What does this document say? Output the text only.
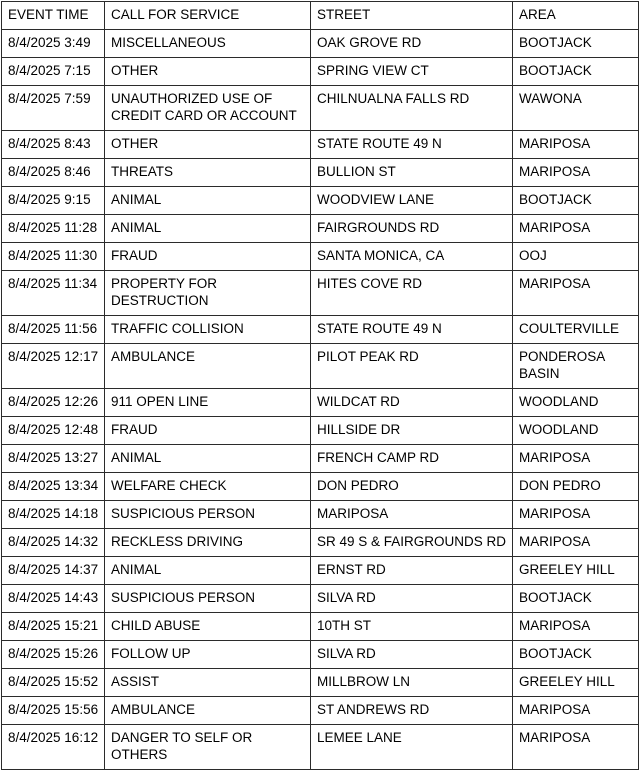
EVENT TIME	CALL FOR SERVICE	STREET	AREA
8/4/2025 3:49	MISCELLANEOUS	OAK GROVE RD	BOOTJACK
8/4/2025 7:15	OTHER	SPRING VIEW CT	BOOTJACK
8/4/2025 7:59	UNAUTHORIZED USE OF CREDIT CARD OR ACCOUNT	CHILNUALNA FALLS RD	WAWONA
8/4/2025 8:43	OTHER	STATE ROUTE 49 N	MARIPOSA
8/4/2025 8:46	THREATS	BULLION ST	MARIPOSA
8/4/2025 9:15	ANIMAL	WOODVIEW LANE	BOOTJACK
8/4/2025 11:28	ANIMAL	FAIRGROUNDS RD	MARIPOSA
8/4/2025 11:30	FRAUD	SANTA MONICA, CA	OOJ
8/4/2025 11:34	PROPERTY FOR DESTRUCTION	HITES COVE RD	MARIPOSA
8/4/2025 11:56	TRAFFIC COLLISION	STATE ROUTE 49 N	COULTERVILLE
8/4/2025 12:17	AMBULANCE	PILOT PEAK RD	PONDEROSA BASIN
8/4/2025 12:26	911 OPEN LINE	WILDCAT RD	WOODLAND
8/4/2025 12:48	FRAUD	HILLSIDE DR	WOODLAND
8/4/2025 13:27	ANIMAL	FRENCH CAMP RD	MARIPOSA
8/4/2025 13:34	WELFARE CHECK	DON PEDRO	DON PEDRO
8/4/2025 14:18	SUSPICIOUS PERSON	MARIPOSA	MARIPOSA
8/4/2025 14:32	RECKLESS DRIVING	SR 49 S & FAIRGROUNDS RD	MARIPOSA
8/4/2025 14:37	ANIMAL	ERNST RD	GREELEY HILL
8/4/2025 14:43	SUSPICIOUS PERSON	SILVA RD	BOOTJACK
8/4/2025 15:21	CHILD ABUSE	10TH ST	MARIPOSA
8/4/2025 15:26	FOLLOW UP	SILVA RD	BOOTJACK
8/4/2025 15:52	ASSIST	MILLBROW LN	GREELEY HILL
8/4/2025 15:56	AMBULANCE	ST ANDREWS RD	MARIPOSA
8/4/2025 16:12	DANGER TO SELF OR OTHERS	LEMEE LANE	MARIPOSA
